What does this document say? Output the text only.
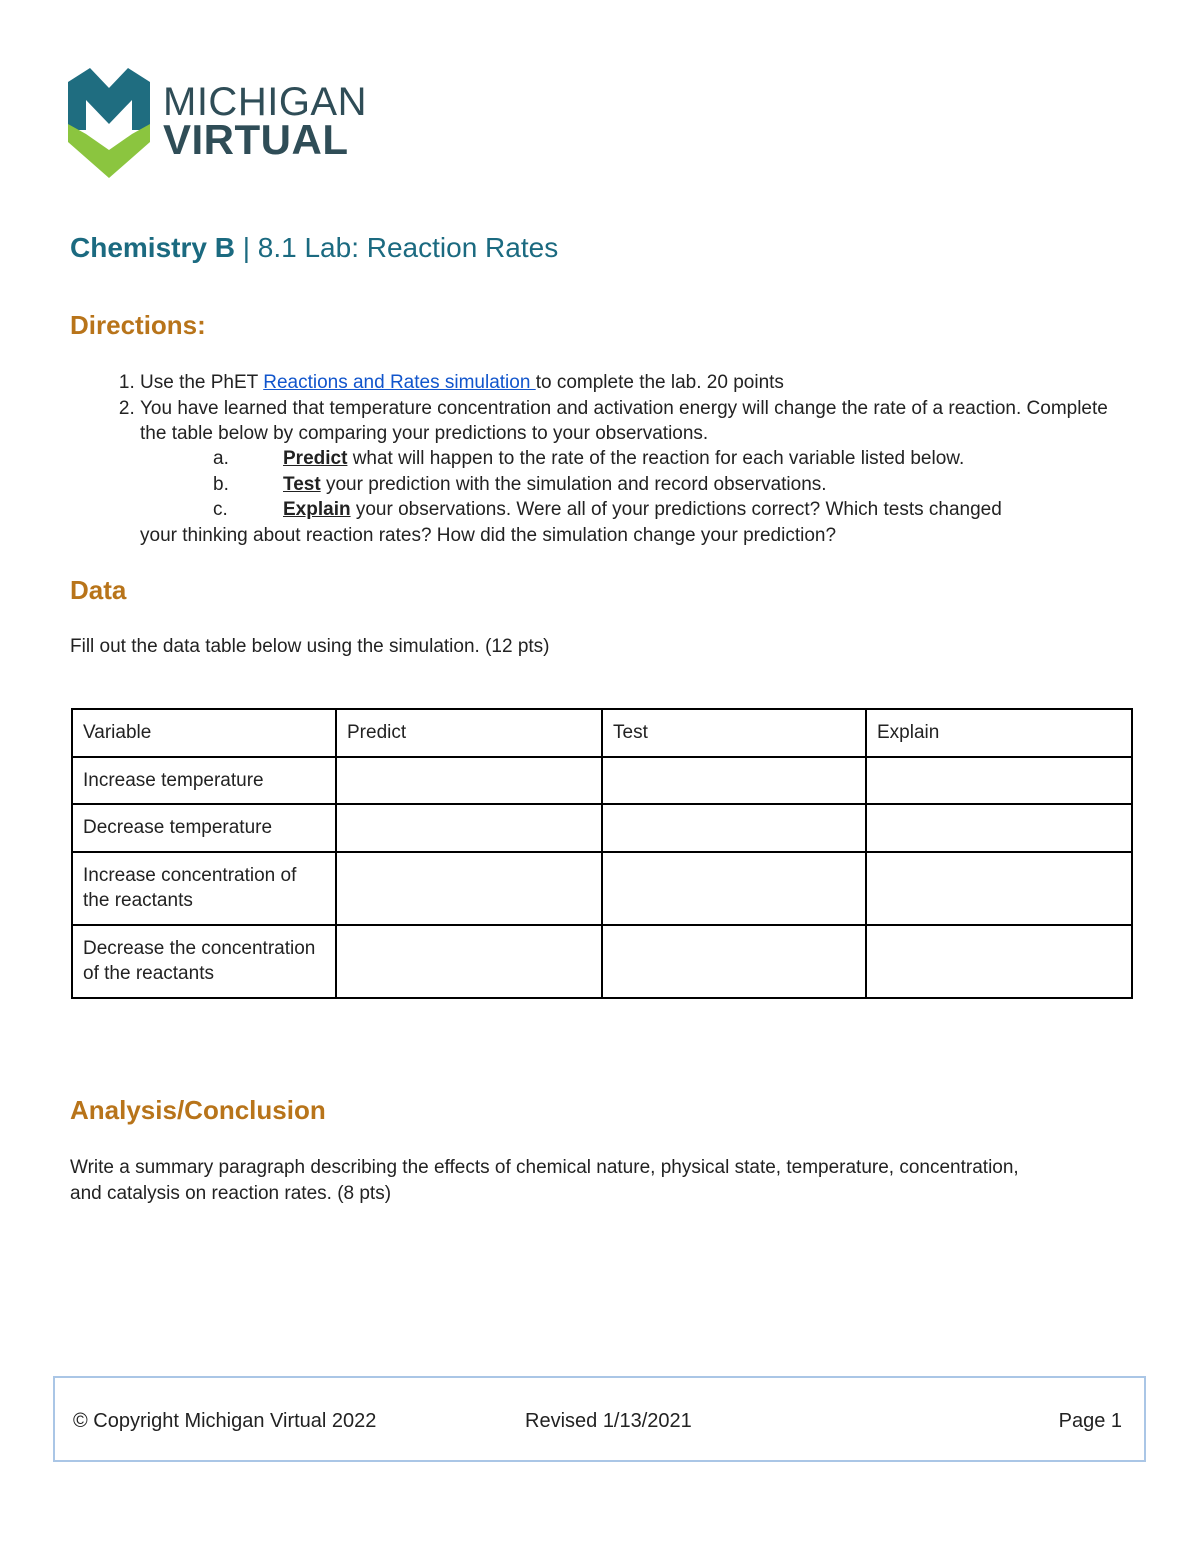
MICHIGAN
VIRTUAL
Chemistry B | 8.1 Lab: Reaction Rates
Directions:
1. Use the PhET Reactions and Rates simulation to complete the lab. 20 points
2. You have learned that temperature concentration and activation energy will change the rate of a reaction. Complete the table below by comparing your predictions to your observations.
a.	Predict what will happen to the rate of the reaction for each variable listed below.
b.	Test your prediction with the simulation and record observations.
c.	Explain your observations. Were all of your predictions correct? Which tests changed
your thinking about reaction rates? How did the simulation change your prediction?
Data
Fill out the data table below using the simulation. (12 pts)
Variable	Predict	Test	Explain
Increase temperature			
Decrease temperature			
Increase concentration of the reactants			
Decrease the concentration of the reactants			
Analysis/Conclusion
Write a summary paragraph describing the effects of chemical nature, physical state, temperature, concentration, and catalysis on reaction rates. (8 pts)
© Copyright Michigan Virtual 2022	Revised 1/13/2021	Page 1
